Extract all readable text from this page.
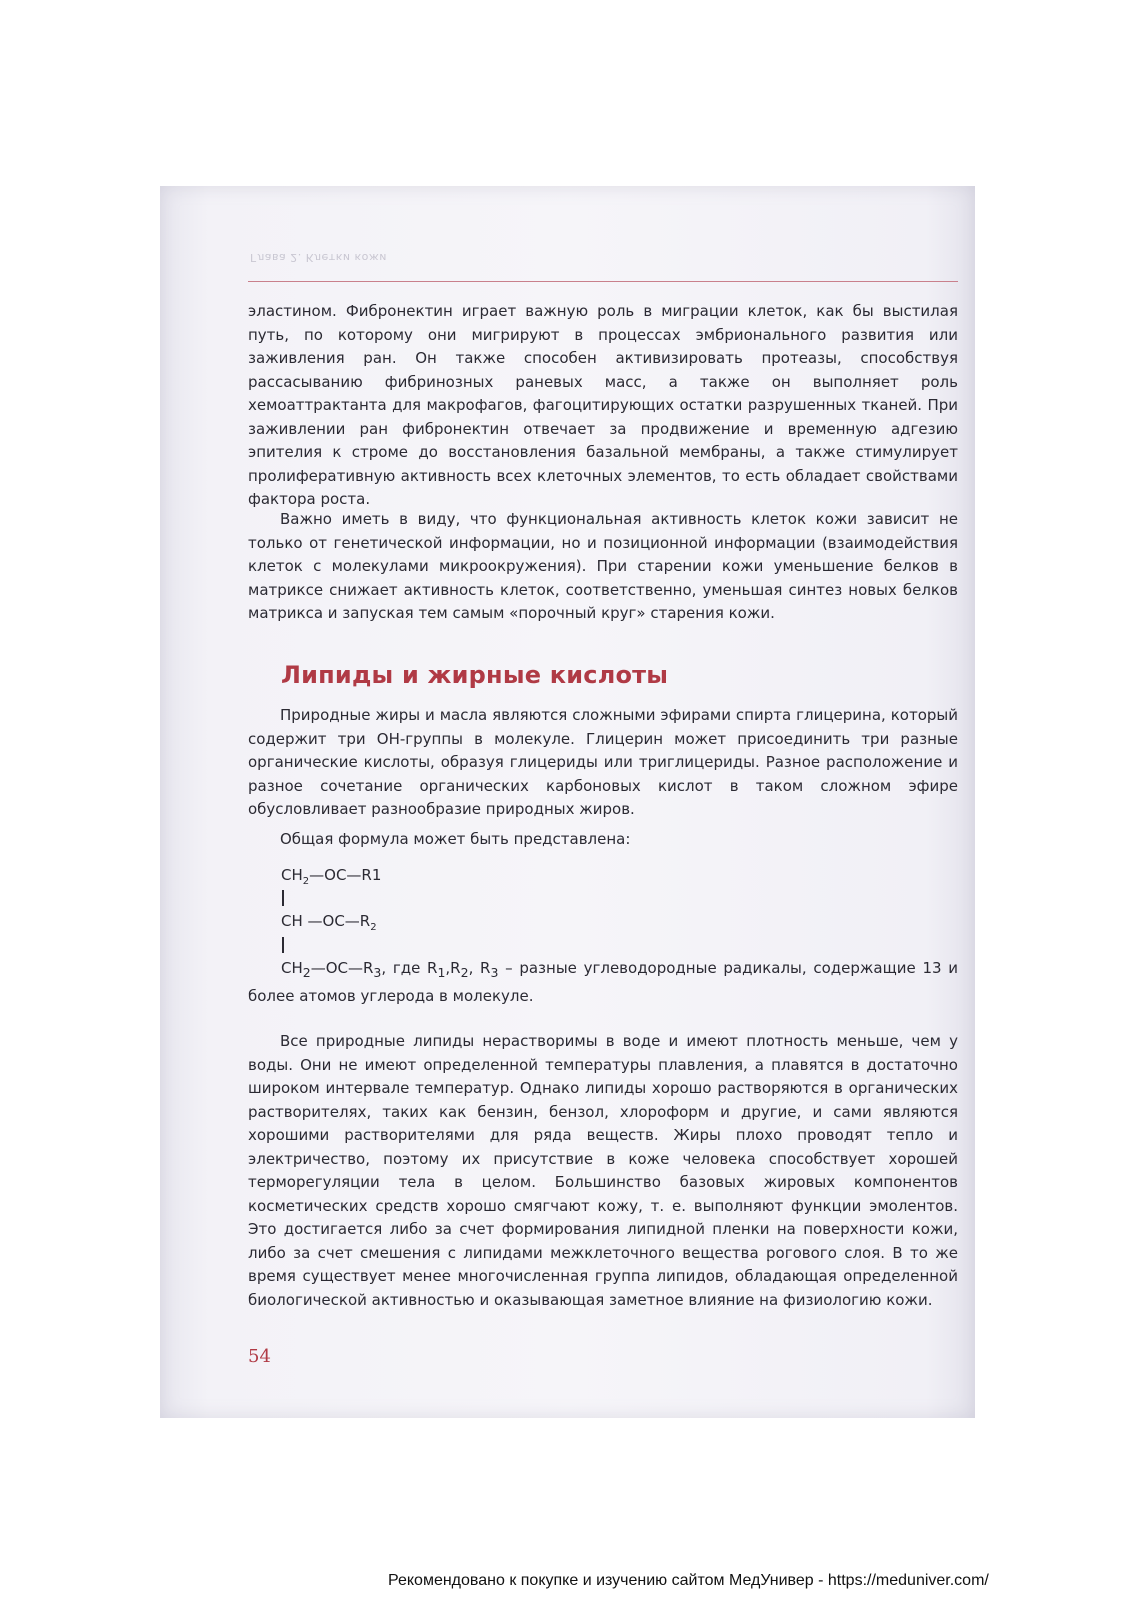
Глава 2. Клетки кожи

эластином. Фибронектин играет важную роль в миграции клеток, как бы выстилая путь, по которому они мигрируют в процессах эмбрионального развития или заживления ран. Он также способен активизировать протеазы, способствуя рассасыванию фибринозных раневых масс, а также он выполняет роль хемоаттрактанта для макрофагов, фагоцитирующих остатки разрушенных тканей. При заживлении ран фибронектин отвечает за продвижение и временную адгезию эпителия к строме до восстановления базальной мембраны, а также стимулирует пролиферативную активность всех клеточных элементов, то есть обладает свойствами фактора роста.

Важно иметь в виду, что функциональная активность клеток кожи зависит не только от генетической информации, но и позиционной информации (взаимодействия клеток с молекулами микроокружения). При старении кожи уменьшение белков в матриксе снижает активность клеток, соответственно, уменьшая синтез новых белков матрикса и запуская тем самым «порочный круг» старения кожи.

Липиды и жирные кислоты

Природные жиры и масла являются сложными эфирами спирта глицерина, который содержит три ОН-группы в молекуле. Глицерин может присоединить три разные органические кислоты, образуя глицериды или триглицериды. Разное расположение и разное сочетание органических карбоновых кислот в таком сложном эфире обусловливает разнообразие природных жиров.

Общая формула может быть представлена:

$CH_2—OC—R1$
CH $—OC—R_2$

$CH_2—OC—R_3$, где $R_1,R_2$, $R_3$ – разные углеводородные радикалы, содержащие 13 и более атомов углерода в молекуле.

Все природные липиды нерастворимы в воде и имеют плотность меньше, чем у воды. Они не имеют определенной температуры плавления, а плавятся в достаточно широком интервале температур. Однако липиды хорошо растворяются в органических растворителях, таких как бензин, бензол, хлороформ и другие, и сами являются хорошими растворителями для ряда веществ. Жиры плохо проводят тепло и электричество, поэтому их присутствие в коже человека способствует хорошей терморегуляции тела в целом. Большинство базовых жировых компонентов косметических средств хорошо смягчают кожу, т. е. выполняют функции эмолентов. Это достигается либо за счет формирования липидной пленки на поверхности кожи, либо за счет смешения с липидами межклеточного вещества рогового слоя. В то же время существует менее многочисленная группа липидов, обладающая определенной биологической активностью и оказывающая заметное влияние на физиологию кожи.

54

Рекомендовано к покупке и изучению сайтом МедУнивер - https://meduniver.com/
